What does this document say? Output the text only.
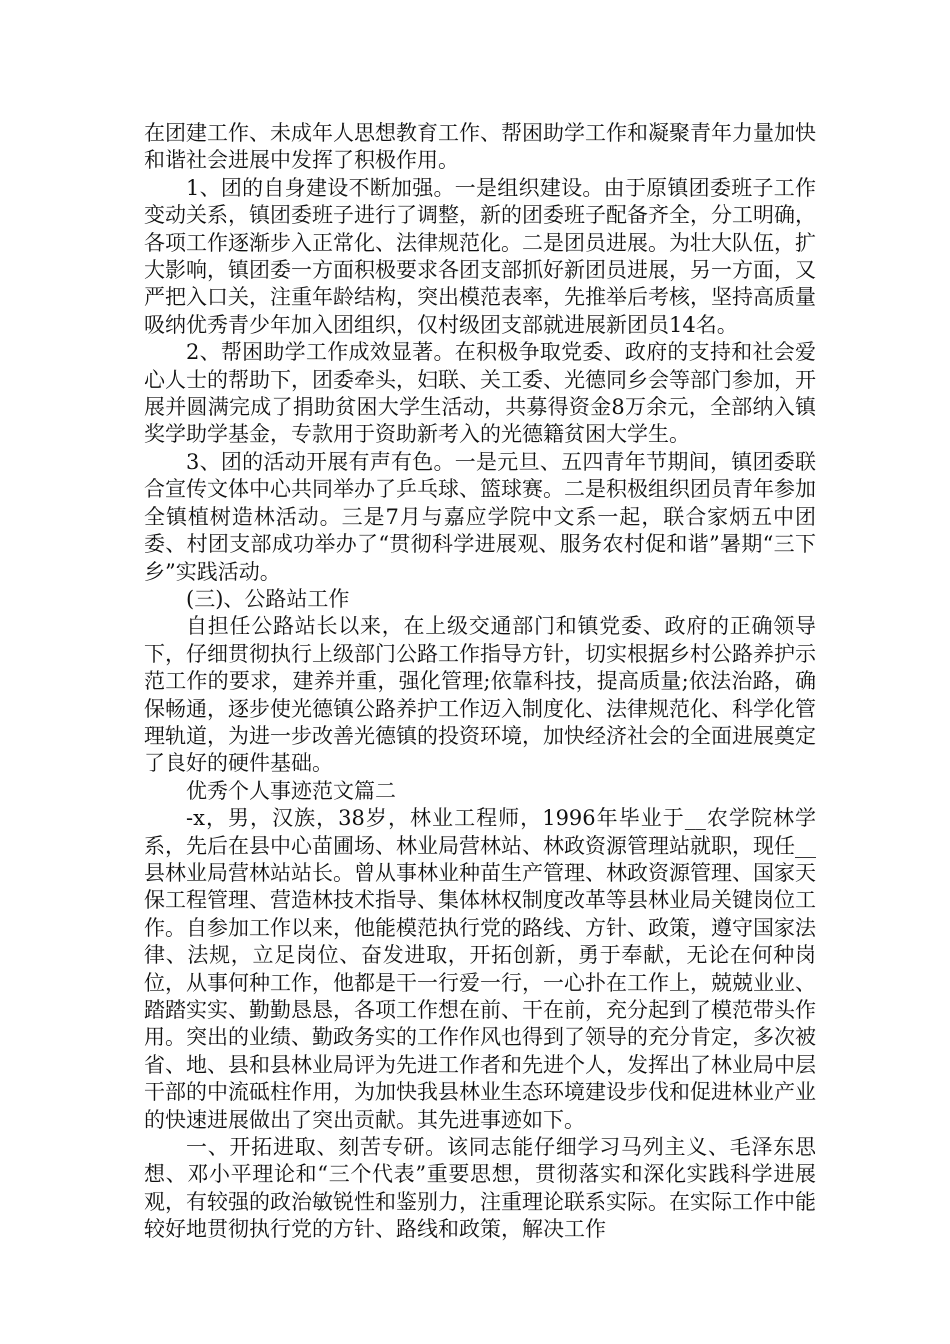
在团建工作、未成年人思想教育工作、帮困助学工作和凝聚青年力量加快和谐社会进展中发挥了积极作用。

1、团的自身建设不断加强。一是组织建设。由于原镇团委班子工作变动关系，镇团委班子进行了调整，新的团委班子配备齐全，分工明确，各项工作逐渐步入正常化、法律规范化。二是团员进展。为壮大队伍，扩大影响，镇团委一方面积极要求各团支部抓好新团员进展，另一方面，又严把入口关，注重年龄结构，突出模范表率，先推举后考核，坚持高质量吸纳优秀青少年加入团组织，仅村级团支部就进展新团员14名。

2、帮困助学工作成效显著。在积极争取党委、政府的支持和社会爱心人士的帮助下，团委牵头，妇联、关工委、光德同乡会等部门参加，开展并圆满完成了捐助贫困大学生活动，共募得资金8万余元，全部纳入镇奖学助学基金，专款用于资助新考入的光德籍贫困大学生。

3、团的活动开展有声有色。一是元旦、五四青年节期间，镇团委联合宣传文体中心共同举办了乒乓球、篮球赛。二是积极组织团员青年参加全镇植树造林活动。三是7月与嘉应学院中文系一起，联合家炳五中团委、村团支部成功举办了“贯彻科学进展观、服务农村促和谐”暑期“三下乡”实践活动。

(三)、公路站工作

自担任公路站长以来，在上级交通部门和镇党委、政府的正确领导下，仔细贯彻执行上级部门公路工作指导方针，切实根据乡村公路养护示范工作的要求，建养并重，强化管理;依靠科技，提高质量;依法治路，确保畅通，逐步使光德镇公路养护工作迈入制度化、法律规范化、科学化管理轨道，为进一步改善光德镇的投资环境，加快经济社会的全面进展奠定了良好的硬件基础。

优秀个人事迹范文篇二

-x，男，汉族，38岁，林业工程师，1996年毕业于__农学院林学系，先后在县中心苗圃场、林业局营林站、林政资源管理站就职，现任__县林业局营林站站长。曾从事林业种苗生产管理、林政资源管理、国家天保工程管理、营造林技术指导、集体林权制度改革等县林业局关键岗位工作。自参加工作以来，他能模范执行党的路线、方针、政策，遵守国家法律、法规，立足岗位、奋发进取，开拓创新，勇于奉献，无论在何种岗位，从事何种工作，他都是干一行爱一行，一心扑在工作上，兢兢业业、踏踏实实、勤勤恳恳，各项工作想在前、干在前，充分起到了模范带头作用。突出的业绩、勤政务实的工作作风也得到了领导的充分肯定，多次被省、地、县和县林业局评为先进工作者和先进个人，发挥出了林业局中层干部的中流砥柱作用，为加快我县林业生态环境建设步伐和促进林业产业的快速进展做出了突出贡献。其先进事迹如下。

一、开拓进取、刻苦专研。该同志能仔细学习马列主义、毛泽东思想、邓小平理论和“三个代表”重要思想，贯彻落实和深化实践科学进展观，有较强的政治敏锐性和鉴别力，注重理论联系实际。在实际工作中能较好地贯彻执行党的方针、路线和政策，解决工作
